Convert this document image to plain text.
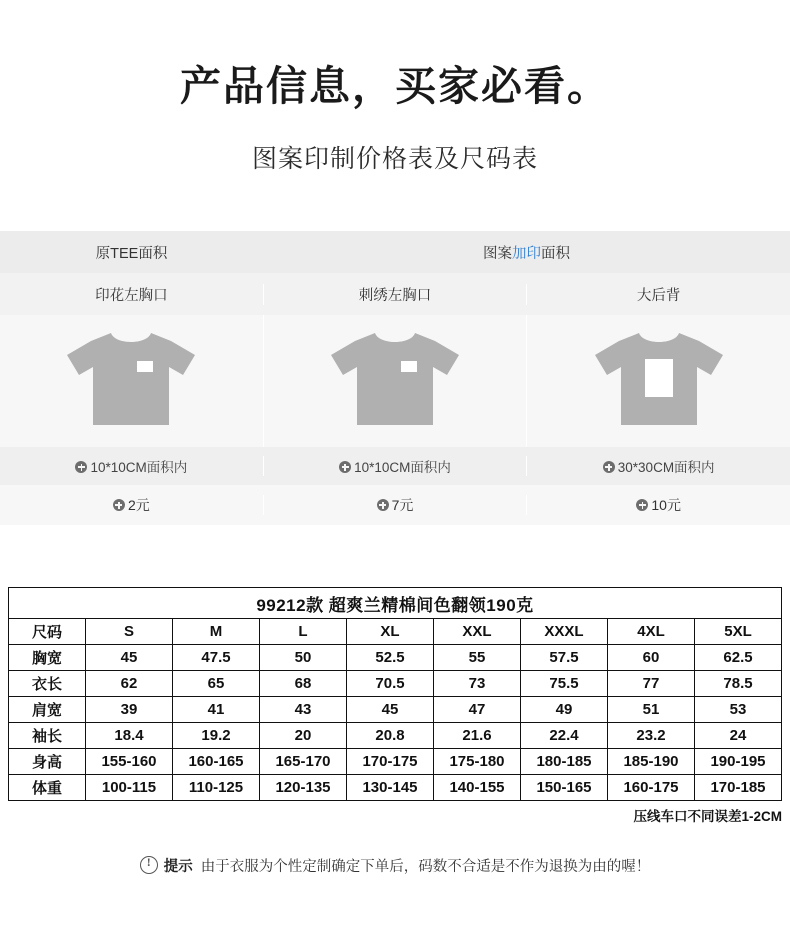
产品信息，买家必看。
图案印制价格表及尺码表
原TEE面积	图案加印面积
印花左胸口	刺绣左胸口	大后背
10*10CM面积内	10*10CM面积内	30*30CM面积内
2元	7元	10元
99212款 超爽兰精棉间色翻领190克								
尺码	S	M	L	XL	XXL	XXXL	4XL	5XL
胸宽	45	47.5	50	52.5	55	57.5	60	62.5
衣长	62	65	68	70.5	73	75.5	77	78.5
肩宽	39	41	43	45	47	49	51	53
袖长	18.4	19.2	20	20.8	21.6	22.4	23.2	24
身高	155-160	160-165	165-170	170-175	175-180	180-185	185-190	190-195
体重	100-115	110-125	120-135	130-145	140-155	150-165	160-175	170-185
压线车口不同误差1-2CM
!提示 由于衣服为个性定制确定下单后，码数不合适是不作为退换为由的喔！
